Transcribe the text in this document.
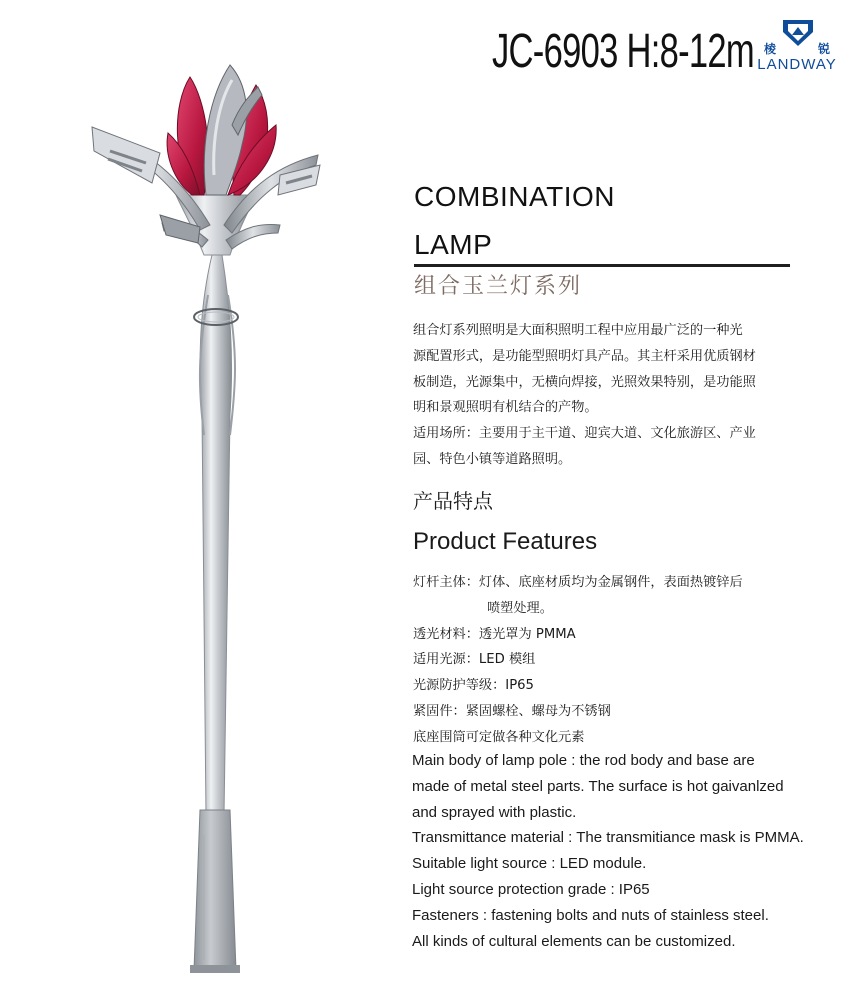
JC-6903 H:8-12m 棱	锐
LANDWAY
COMBINATION
LAMP
组合玉兰灯系列

组合灯系列照明是大面积照明工程中应用最广泛的一种光

源配置形式，是功能型照明灯具产品。其主杆采用优质钢材

板制造，光源集中，无横向焊接，光照效果特别，是功能照

明和景观照明有机结合的产物。

适用场所：主要用于主干道、迎宾大道、文化旅游区、产业

园、特色小镇等道路照明。

产品特点
Product Features
灯杆主体：灯体、底座材质均为金属钢件，表面热镀锌后
喷塑处理。
透光材料：透光罩为 PMMA
适用光源：LED 模组
光源防护等级：IP65
紧固件：紧固螺栓、螺母为不锈钢
底座围筒可定做各种文化元素

Main body of lamp pole : the rod body and base are

made of metal steel parts. The surface is hot gaivanlzed

and sprayed with plastic.

Transmittance material : The transmitiance mask is PMMA.

Suitable light source : LED module.

Light source protection grade : IP65

Fasteners : fastening bolts and nuts of stainless steel.

All kinds of cultural elements can be customized.
